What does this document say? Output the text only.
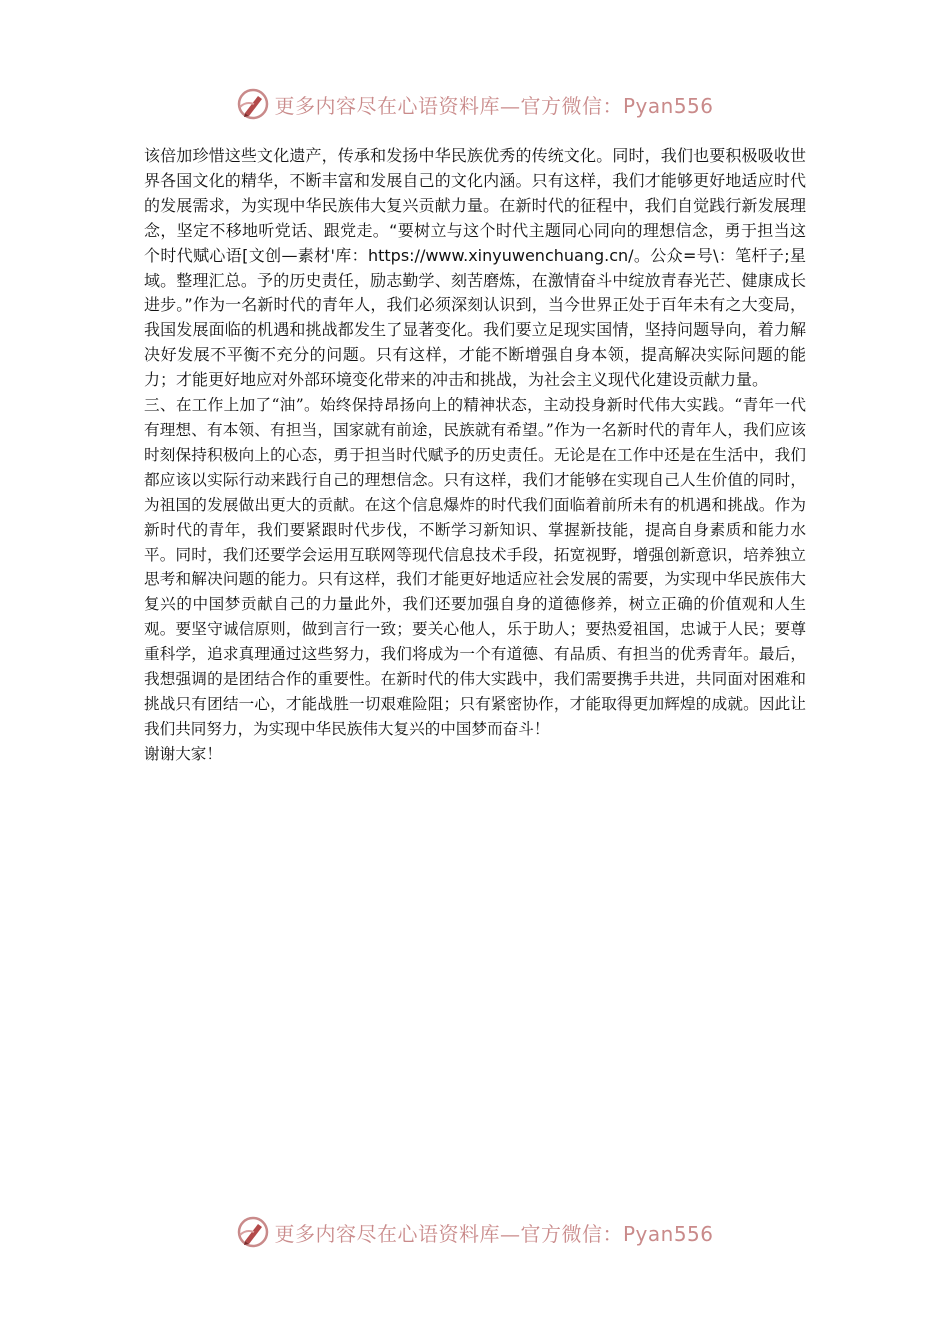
更多内容尽在心语资料库—官方微信：Pyan556

该倍加珍惜这些文化遗产，传承和发扬中华民族优秀的传统文化。同时，我们也要积极吸收世界各国文化的精华，不断丰富和发展自己的文化内涵。只有这样，我们才能够更好地适应时代的发展需求，为实现中华民族伟大复兴贡献力量。在新时代的征程中，我们自觉践行新发展理念，坚定不移地听党话、跟党走。“要树立与这个时代主题同心同向的理想信念，勇于担当这个时代赋心语[文创—素材'库：https://www.xinyuwenchuang.cn/。公众=号\：笔杆子;星域。整理汇总。予的历史责任，励志勤学、刻苦磨炼，在激情奋斗中绽放青春光芒、健康成长进步。”作为一名新时代的青年人，我们必须深刻认识到，当今世界正处于百年未有之大变局，我国发展面临的机遇和挑战都发生了显著变化。我们要立足现实国情，坚持问题导向，着力解决好发展不平衡不充分的问题。只有这样，才能不断增强自身本领，提高解决实际问题的能力；才能更好地应对外部环境变化带来的冲击和挑战，为社会主义现代化建设贡献力量。

三、在工作上加了“油”。始终保持昂扬向上的精神状态，主动投身新时代伟大实践。“青年一代有理想、有本领、有担当，国家就有前途，民族就有希望。”作为一名新时代的青年人，我们应该时刻保持积极向上的心态，勇于担当时代赋予的历史责任。无论是在工作中还是在生活中，我们都应该以实际行动来践行自己的理想信念。只有这样，我们才能够在实现自己人生价值的同时，为祖国的发展做出更大的贡献。在这个信息爆炸的时代我们面临着前所未有的机遇和挑战。作为新时代的青年，我们要紧跟时代步伐，不断学习新知识、掌握新技能，提高自身素质和能力水平。同时，我们还要学会运用互联网等现代信息技术手段，拓宽视野，增强创新意识，培养独立思考和解决问题的能力。只有这样，我们才能更好地适应社会发展的需要，为实现中华民族伟大复兴的中国梦贡献自己的力量此外，我们还要加强自身的道德修养，树立正确的价值观和人生观。要坚守诚信原则，做到言行一致；要关心他人，乐于助人；要热爱祖国，忠诚于人民；要尊重科学，追求真理通过这些努力，我们将成为一个有道德、有品质、有担当的优秀青年。最后，我想强调的是团结合作的重要性。在新时代的伟大实践中，我们需要携手共进，共同面对困难和挑战只有团结一心，才能战胜一切艰难险阻；只有紧密协作，才能取得更加辉煌的成就。因此让我们共同努力，为实现中华民族伟大复兴的中国梦而奋斗！

谢谢大家！

更多内容尽在心语资料库—官方微信：Pyan556
